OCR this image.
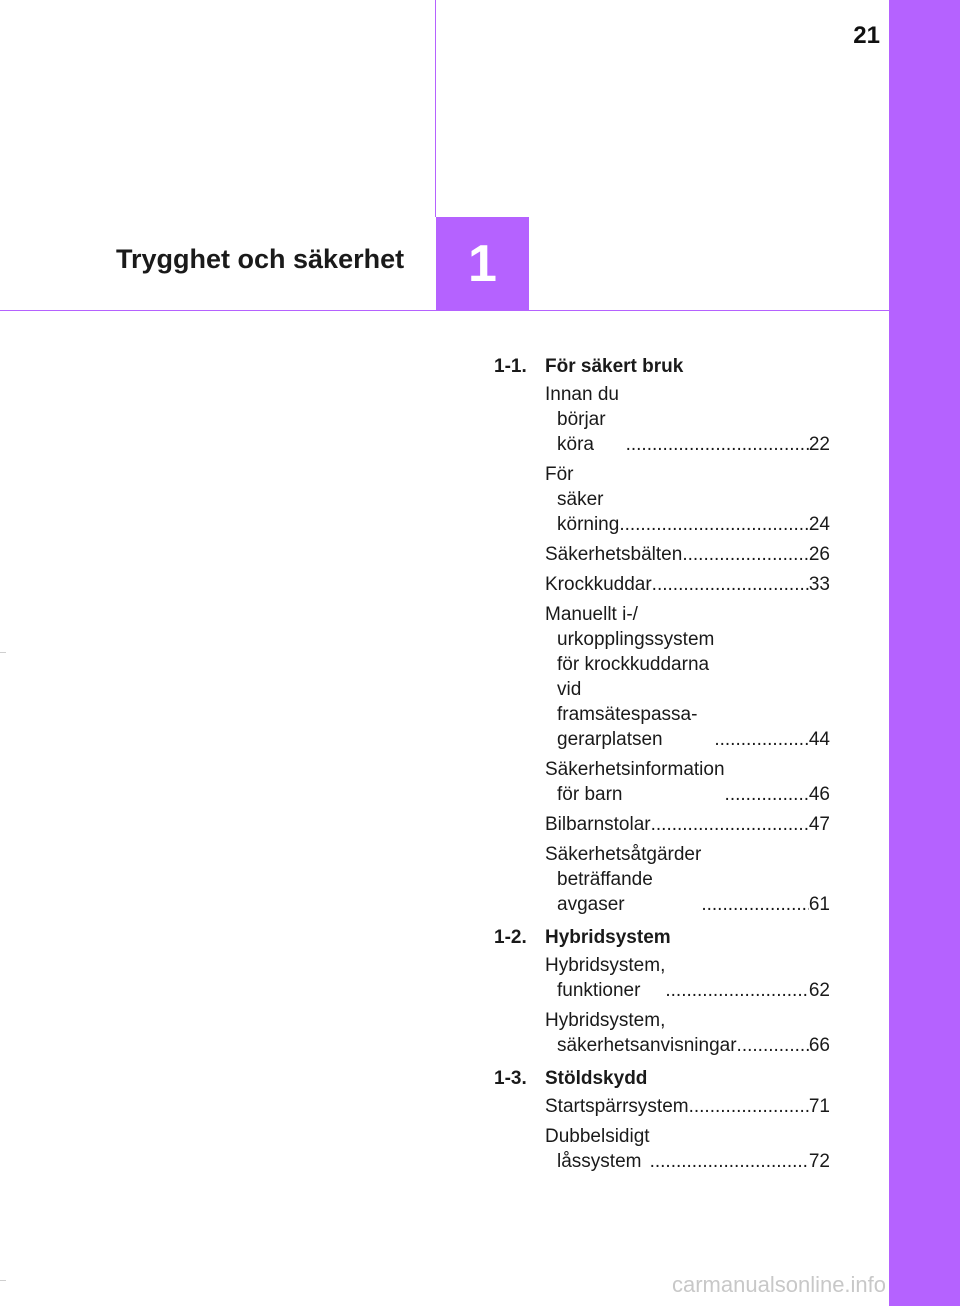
21
Trygghet och säkerhet	1
1-1. För säkert bruk
Innan du börjar köra .....	22
För säker körning .....	24
Säkerhetsbälten .....	26
Krockkuddar .....	33
Manuellt i-/ urkopplingssystem för krockkuddarna vid framsätespassa-gerarplatsen .....	44
Säkerhetsinformation för barn .....	46
Bilbarnstolar .....	47
Säkerhetsåtgärder beträffande avgaser .....	61
1-2. Hybridsystem
Hybridsystem, funktioner .....	62
Hybridsystem, säkerhetsanvisningar .....	66
1-3. Stöldskydd
Startspärrsystem .....	71
Dubbelsidigt låssystem .....	72
carmanualsonline.info
